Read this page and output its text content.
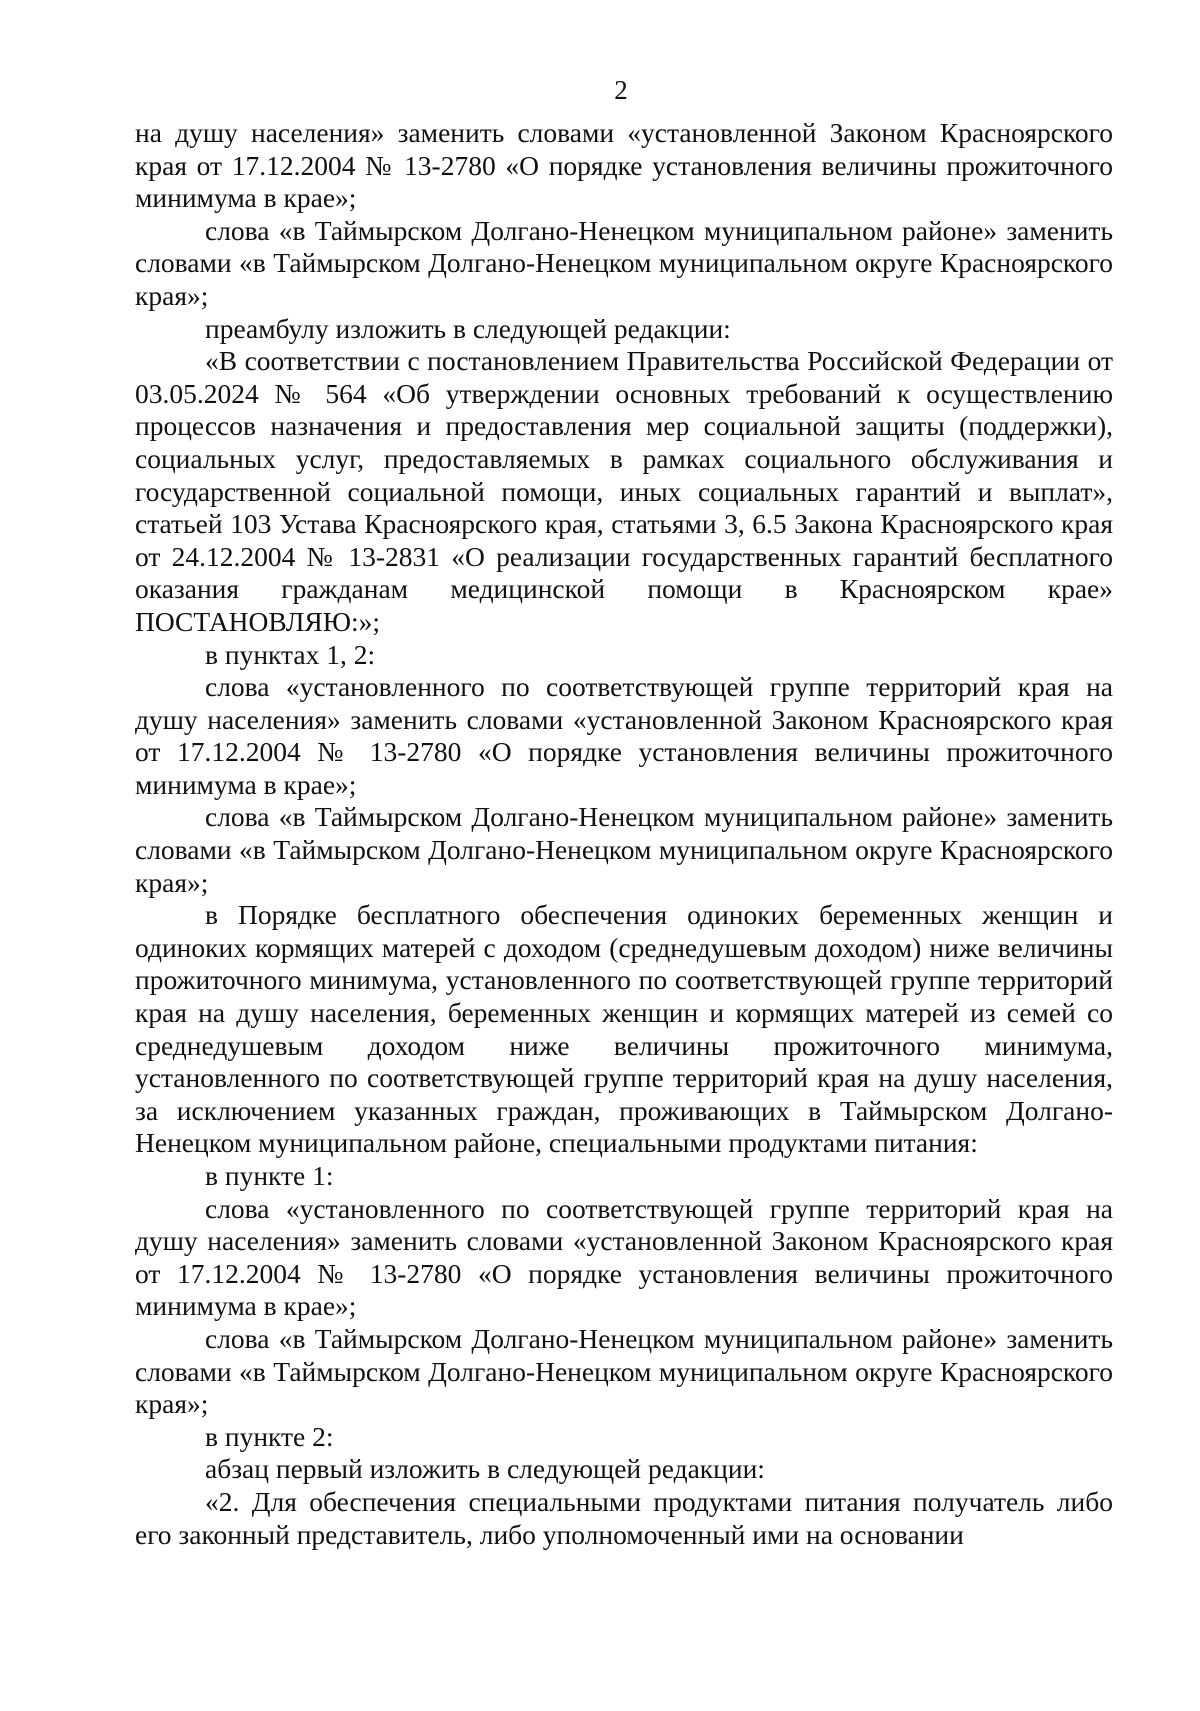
2

на душу населения» заменить словами «установленной Законом Красноярского края от 17.12.2004 № 13-2780 «О порядке установления величины прожиточного минимума в крае»;

слова «в Таймырском Долгано-Ненецком муниципальном районе» заменить словами «в Таймырском Долгано-Ненецком муниципальном округе Красноярского края»;

преамбулу изложить в следующей редакции:

«В соответствии с постановлением Правительства Российской Федерации от 03.05.2024 № 564 «Об утверждении основных требований к осуществлению процессов назначения и предоставления мер социальной защиты (поддержки), социальных услуг, предоставляемых в рамках социального обслуживания и государственной социальной помощи, иных социальных гарантий и выплат», статьей 103 Устава Красноярского края, статьями 3, 6.5 Закона Красноярского края от 24.12.2004 № 13-2831 «О реализации государственных гарантий бесплатного оказания гражданам медицинской помощи в Красноярском крае» ПОСТАНОВЛЯЮ:»;

в пунктах 1, 2:

слова «установленного по соответствующей группе территорий края на душу населения» заменить словами «установленной Законом Красноярского края от 17.12.2004 № 13-2780 «О порядке установления величины прожиточного минимума в крае»;

слова «в Таймырском Долгано-Ненецком муниципальном районе» заменить словами «в Таймырском Долгано-Ненецком муниципальном округе Красноярского края»;

в Порядке бесплатного обеспечения одиноких беременных женщин и одиноких кормящих матерей с доходом (среднедушевым доходом) ниже величины прожиточного минимума, установленного по соответствующей группе территорий края на душу населения, беременных женщин и кормящих матерей из семей со среднедушевым доходом ниже величины прожиточного минимума, установленного по соответствующей группе территорий края на душу населения, за исключением указанных граждан, проживающих в Таймырском Долгано-Ненецком муниципальном районе, специальными продуктами питания:

в пункте 1:

слова «установленного по соответствующей группе территорий края на душу населения» заменить словами «установленной Законом Красноярского края от 17.12.2004 № 13-2780 «О порядке установления величины прожиточного минимума в крае»;

слова «в Таймырском Долгано-Ненецком муниципальном районе» заменить словами «в Таймырском Долгано-Ненецком муниципальном округе Красноярского края»;

в пункте 2:

абзац первый изложить в следующей редакции:

«2. Для обеспечения специальными продуктами питания получатель либо его законный представитель, либо уполномоченный ими на основании
